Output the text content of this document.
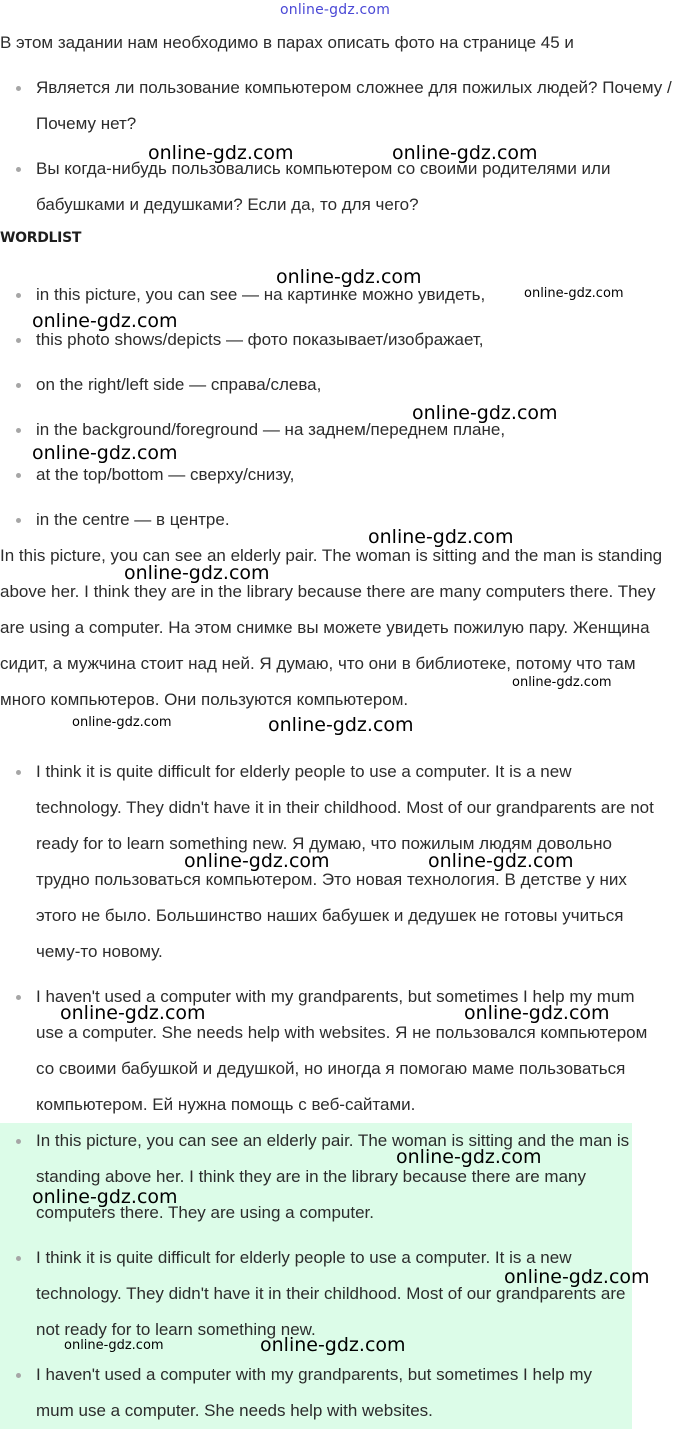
online-gdz.com

В этом задании нам необходимо в парах описать фото на странице 45 и

Является ли пользование компьютером сложнее для пожилых людей? Почему / Почему нет?
Вы когда-нибудь пользовались компьютером со своими родителями или бабушками и дедушками? Если да, то для чего?
WORDLIST
in this picture, you can see — на картинке можно увидеть,
this photo shows/depicts — фото показывает/изображает,
on the right/left side — справа/слева,
in the background/foreground — на заднем/переднем плане,
at the top/bottom — сверху/снизу,
in the centre — в центре.

In this picture, you can see an elderly pair. The woman is sitting and the man is standing above her. I think they are in the library because there are many computers there. They are using a computer. На этом снимке вы можете увидеть пожилую пару. Женщина сидит, а мужчина стоит над ней. Я думаю, что они в библиотеке, потому что там много компьютеров. Они пользуются компьютером.

I think it is quite difficult for elderly people to use a computer. It is a new technology. They didn't have it in their childhood. Most of our grandparents are not ready for to learn something new. Я думаю, что пожилым людям довольно трудно пользоваться компьютером. Это новая технология. В детстве у них этого не было. Большинство наших бабушек и дедушек не готовы учиться чему-то новому.
I haven't used a computer with my grandparents, but sometimes I help my mum use a computer. She needs help with websites. Я не пользовался компьютером со своими бабушкой и дедушкой, но иногда я помогаю маме пользоваться компьютером. Ей нужна помощь с веб-сайтами.
In this picture, you can see an elderly pair. The woman is sitting and the man is standing above her. I think they are in the library because there are many computers there. They are using a computer.
I think it is quite difficult for elderly people to use a computer. It is a new technology. They didn't have it in their childhood. Most of our grandparents are not ready for to learn something new.
I haven't used a computer with my grandparents, but sometimes I help my mum use a computer. She needs help with websites.
online-gdz.com	online-gdz.com
online-gdz.com
online-gdz.com
online-gdz.com
online-gdz.com
online-gdz.com
online-gdz.com
online-gdz.com
online-gdz.com
online-gdz.com	online-gdz.com
online-gdz.com	online-gdz.com
online-gdz.com	online-gdz.com
online-gdz.com
online-gdz.com
online-gdz.com
online-gdz.com	online-gdz.com
